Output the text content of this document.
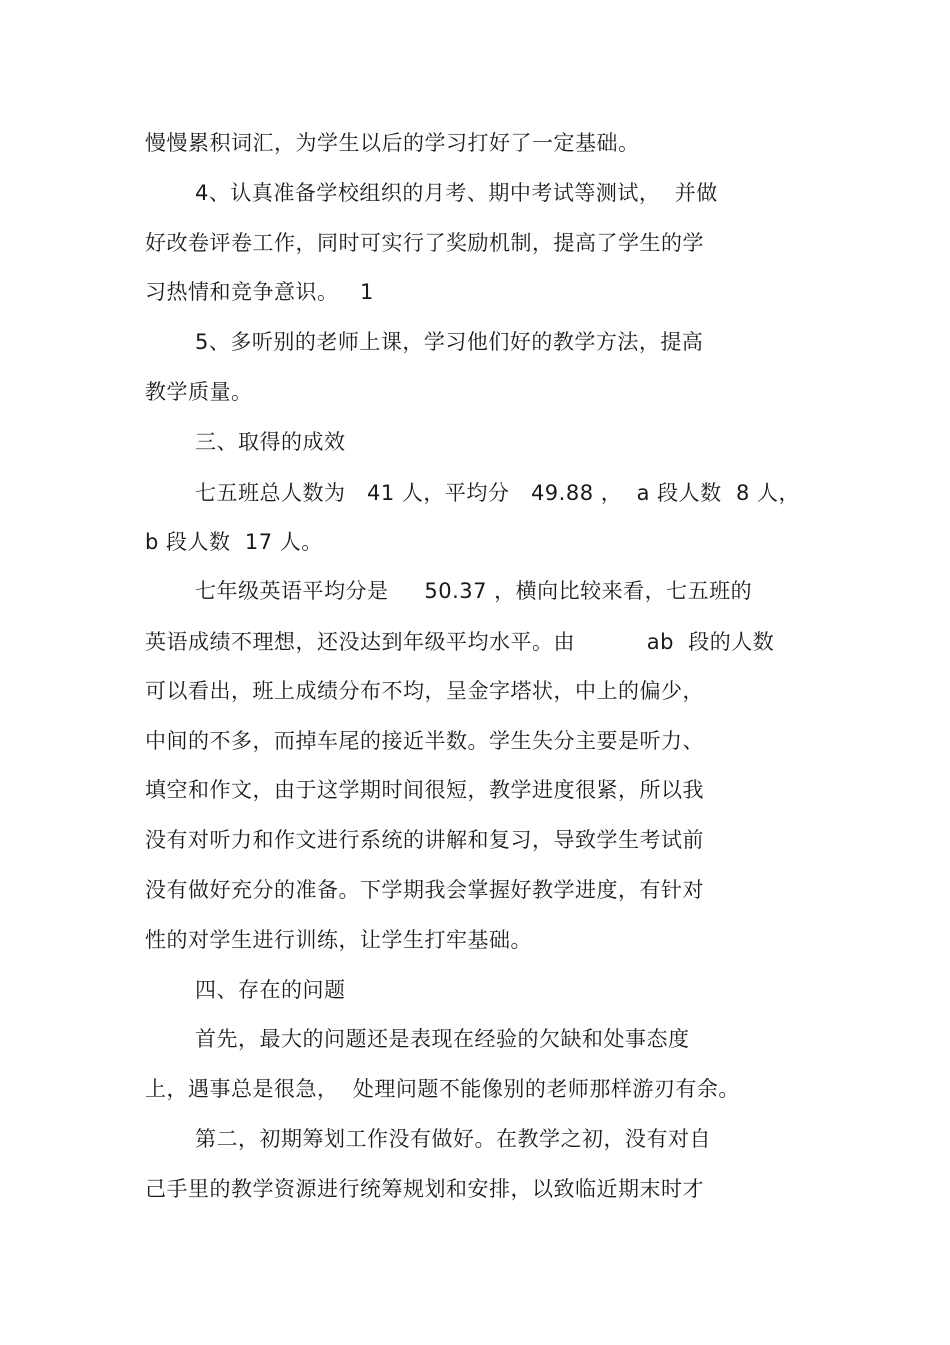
慢慢累积词汇，为学生以后的学习打好了一定基础。
4、认真准备学校组织的月考、期中考试等测试，  并做
好改卷评卷工作，同时可实行了奖励机制，提高了学生的学
习热情和竞争意识。   1
5、多听别的老师上课，学习他们好的教学方法，提高
教学质量。
三、取得的成效
七五班总人数为   41 人，平均分   49.88 ，  a 段人数  8 人，
b 段人数  17 人。
七年级英语平均分是     50.37 ，横向比较来看，七五班的
英语成绩不理想，还没达到年级平均水平。由          ab  段的人数
可以看出，班上成绩分布不均，呈金字塔状，中上的偏少，
中间的不多，而掉车尾的接近半数。学生失分主要是听力、
填空和作文，由于这学期时间很短，教学进度很紧，所以我
没有对听力和作文进行系统的讲解和复习，导致学生考试前
没有做好充分的准备。下学期我会掌握好教学进度，有针对
性的对学生进行训练，让学生打牢基础。
四、存在的问题
首先，最大的问题还是表现在经验的欠缺和处事态度
上，遇事总是很急，  处理问题不能像别的老师那样游刃有余。
第二，初期筹划工作没有做好。在教学之初，没有对自
己手里的教学资源进行统筹规划和安排，以致临近期末时才
